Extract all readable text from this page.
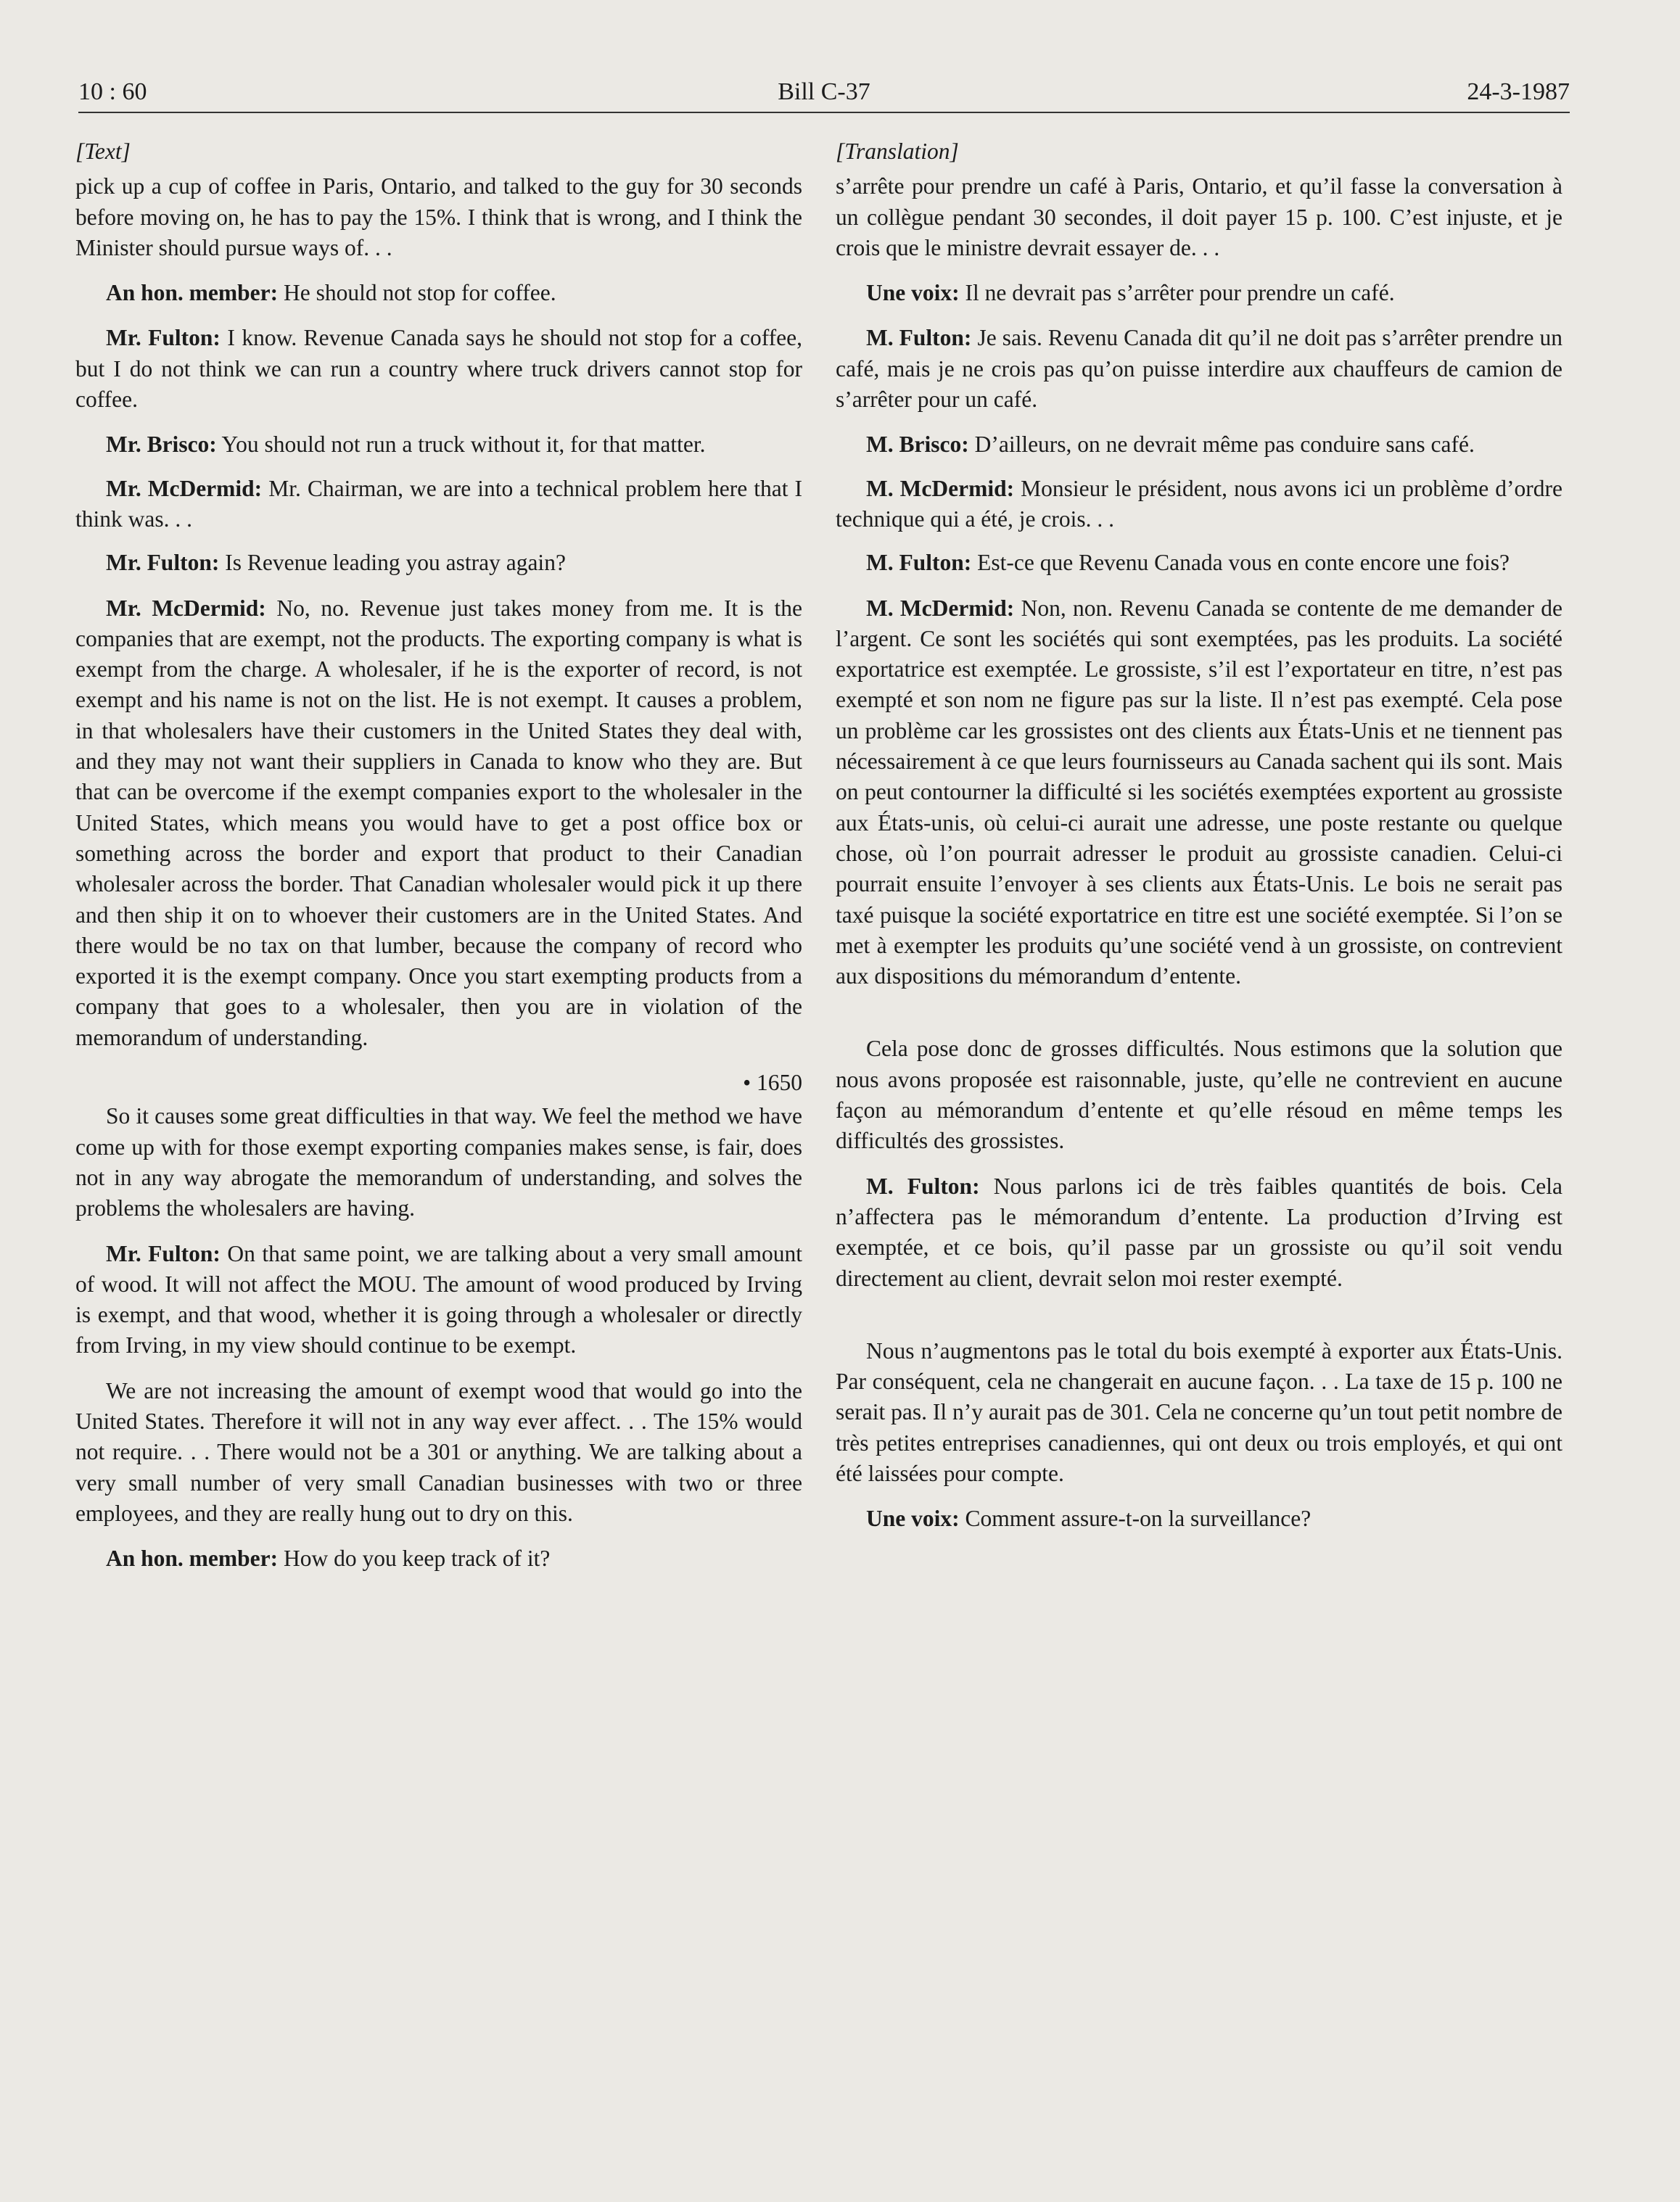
10 : 60	Bill C-37	24-3-1987
[Text]

pick up a cup of coffee in Paris, Ontario, and talked to the guy for 30 seconds before moving on, he has to pay the 15%. I think that is wrong, and I think the Minister should pursue ways of. . .

An hon. member: He should not stop for coffee.

Mr. Fulton: I know. Revenue Canada says he should not stop for a coffee, but I do not think we can run a country where truck drivers cannot stop for coffee.

Mr. Brisco: You should not run a truck without it, for that matter.

Mr. McDermid: Mr. Chairman, we are into a technical problem here that I think was. . .

Mr. Fulton: Is Revenue leading you astray again?

Mr. McDermid: No, no. Revenue just takes money from me. It is the companies that are exempt, not the products. The exporting company is what is exempt from the charge. A wholesaler, if he is the exporter of record, is not exempt and his name is not on the list. He is not exempt. It causes a problem, in that wholesalers have their customers in the United States they deal with, and they may not want their suppliers in Canada to know who they are. But that can be overcome if the exempt companies export to the wholesaler in the United States, which means you would have to get a post office box or something across the border and export that product to their Canadian wholesaler across the border. That Canadian wholesaler would pick it up there and then ship it on to whoever their customers are in the United States. And there would be no tax on that lumber, because the company of record who exported it is the exempt company. Once you start exempting products from a company that goes to a wholesaler, then you are in violation of the memorandum of understanding.

• 1650

So it causes some great difficulties in that way. We feel the method we have come up with for those exempt exporting companies makes sense, is fair, does not in any way abrogate the memorandum of understanding, and solves the problems the wholesalers are having.

Mr. Fulton: On that same point, we are talking about a very small amount of wood. It will not affect the MOU. The amount of wood produced by Irving is exempt, and that wood, whether it is going through a wholesaler or directly from Irving, in my view should continue to be exempt.

We are not increasing the amount of exempt wood that would go into the United States. Therefore it will not in any way ever affect. . . The 15% would not require. . . There would not be a 301 or anything. We are talking about a very small number of very small Canadian businesses with two or three employees, and they are really hung out to dry on this.

An hon. member: How do you keep track of it?

[Translation]

s’arrête pour prendre un café à Paris, Ontario, et qu’il fasse la conversation à un collègue pendant 30 secondes, il doit payer 15 p. 100. C’est injuste, et je crois que le ministre devrait essayer de. . .

Une voix: Il ne devrait pas s’arrêter pour prendre un café.

M. Fulton: Je sais. Revenu Canada dit qu’il ne doit pas s’arrêter prendre un café, mais je ne crois pas qu’on puisse interdire aux chauffeurs de camion de s’arrêter pour un café.

M. Brisco: D’ailleurs, on ne devrait même pas conduire sans café.

M. McDermid: Monsieur le président, nous avons ici un problème d’ordre technique qui a été, je crois. . .

M. Fulton: Est-ce que Revenu Canada vous en conte encore une fois?

M. McDermid: Non, non. Revenu Canada se contente de me demander de l’argent. Ce sont les sociétés qui sont exemptées, pas les produits. La société exportatrice est exemptée. Le grossiste, s’il est l’exportateur en titre, n’est pas exempté et son nom ne figure pas sur la liste. Il n’est pas exempté. Cela pose un problème car les grossistes ont des clients aux États-Unis et ne tiennent pas nécessairement à ce que leurs fournisseurs au Canada sachent qui ils sont. Mais on peut contourner la difficulté si les sociétés exemptées exportent au grossiste aux États-unis, où celui-ci aurait une adresse, une poste restante ou quelque chose, où l’on pourrait adresser le produit au grossiste canadien. Celui-ci pourrait ensuite l’envoyer à ses clients aux États-Unis. Le bois ne serait pas taxé puisque la société exportatrice en titre est une société exemptée. Si l’on se met à exempter les produits qu’une société vend à un grossiste, on contrevient aux dispositions du mémorandum d’entente.

Cela pose donc de grosses difficultés. Nous estimons que la solution que nous avons proposée est raisonnable, juste, qu’elle ne contrevient en aucune façon au mémorandum d’entente et qu’elle résoud en même temps les difficultés des grossistes.

M. Fulton: Nous parlons ici de très faibles quantités de bois. Cela n’affectera pas le mémorandum d’entente. La production d’Irving est exemptée, et ce bois, qu’il passe par un grossiste ou qu’il soit vendu directement au client, devrait selon moi rester exempté.

Nous n’augmentons pas le total du bois exempté à exporter aux États-Unis. Par conséquent, cela ne changerait en aucune façon. . . La taxe de 15 p. 100 ne serait pas. Il n’y aurait pas de 301. Cela ne concerne qu’un tout petit nombre de très petites entreprises canadiennes, qui ont deux ou trois employés, et qui ont été laissées pour compte.

Une voix: Comment assure-t-on la surveillance?
